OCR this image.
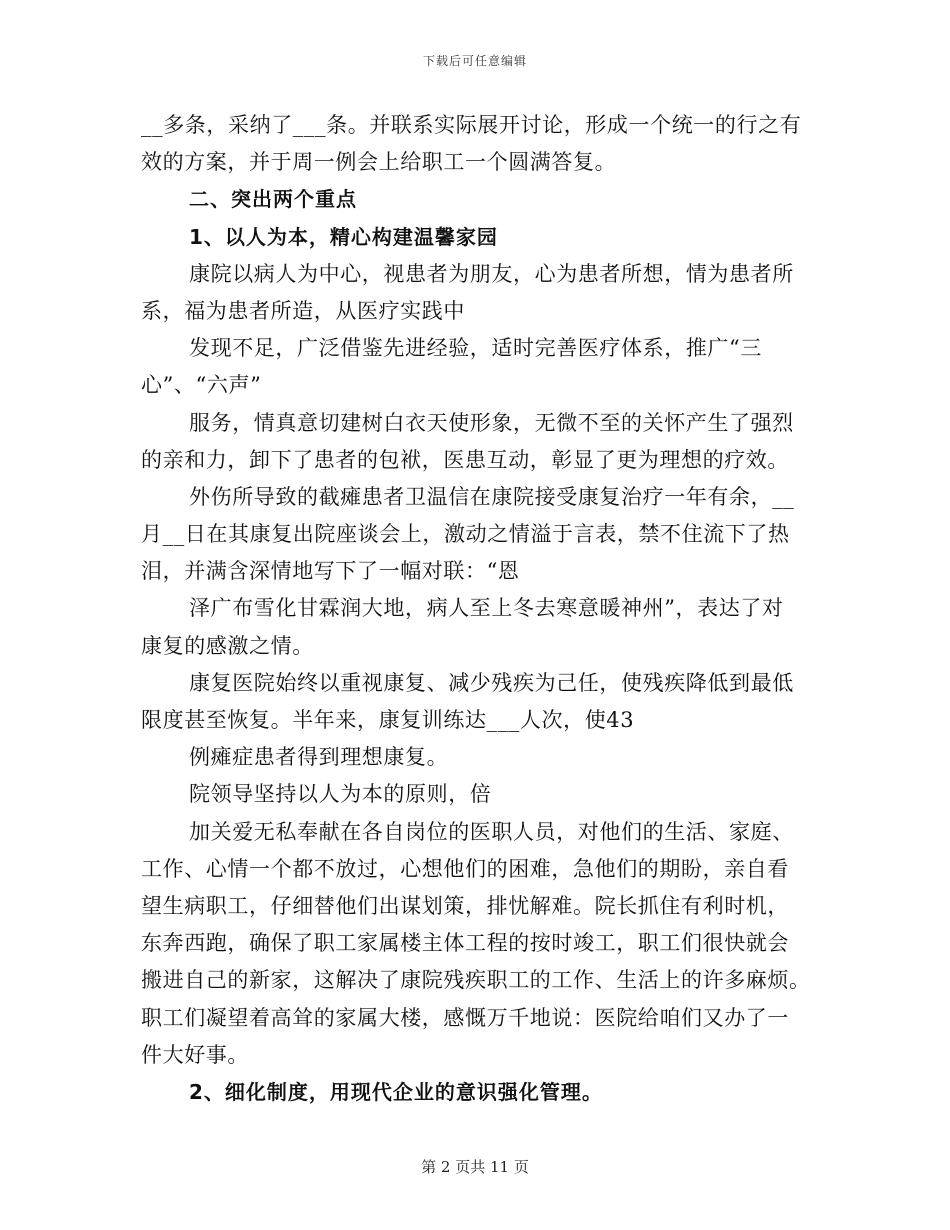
下载后可任意编辑
__多条，采纳了___条。并联系实际展开讨论，形成一个统一的行之有
效的方案，并于周一例会上给职工一个圆满答复。
二、突出两个重点
1、以人为本，精心构建温馨家园
康院以病人为中心，视患者为朋友，心为患者所想，情为患者所
系，福为患者所造，从医疗实践中
发现不足，广泛借鉴先进经验，适时完善医疗体系，推广“三
心”、“六声”
服务，情真意切建树白衣天使形象，无微不至的关怀产生了强烈
的亲和力，卸下了患者的包袱，医患互动，彰显了更为理想的疗效。
外伤所导致的截瘫患者卫温信在康院接受康复治疗一年有余，__
月__日在其康复出院座谈会上，激动之情溢于言表，禁不住流下了热
泪，并满含深情地写下了一幅对联：“恩
泽广布雪化甘霖润大地，病人至上冬去寒意暖神州”，表达了对
康复的感激之情。
康复医院始终以重视康复、减少残疾为己任，使残疾降低到最低
限度甚至恢复。半年来，康复训练达___人次，使43
例瘫症患者得到理想康复。
院领导坚持以人为本的原则，倍
加关爱无私奉献在各自岗位的医职人员，对他们的生活、家庭、
工作、心情一个都不放过，心想他们的困难，急他们的期盼，亲自看
望生病职工，仔细替他们出谋划策，排忧解难。院长抓住有利时机，
东奔西跑，确保了职工家属楼主体工程的按时竣工，职工们很快就会
搬进自己的新家，这解决了康院残疾职工的工作、生活上的许多麻烦。
职工们凝望着高耸的家属大楼，感慨万千地说：医院给咱们又办了一
件大好事。
2、细化制度，用现代企业的意识强化管理。
第 2 页共 11 页
